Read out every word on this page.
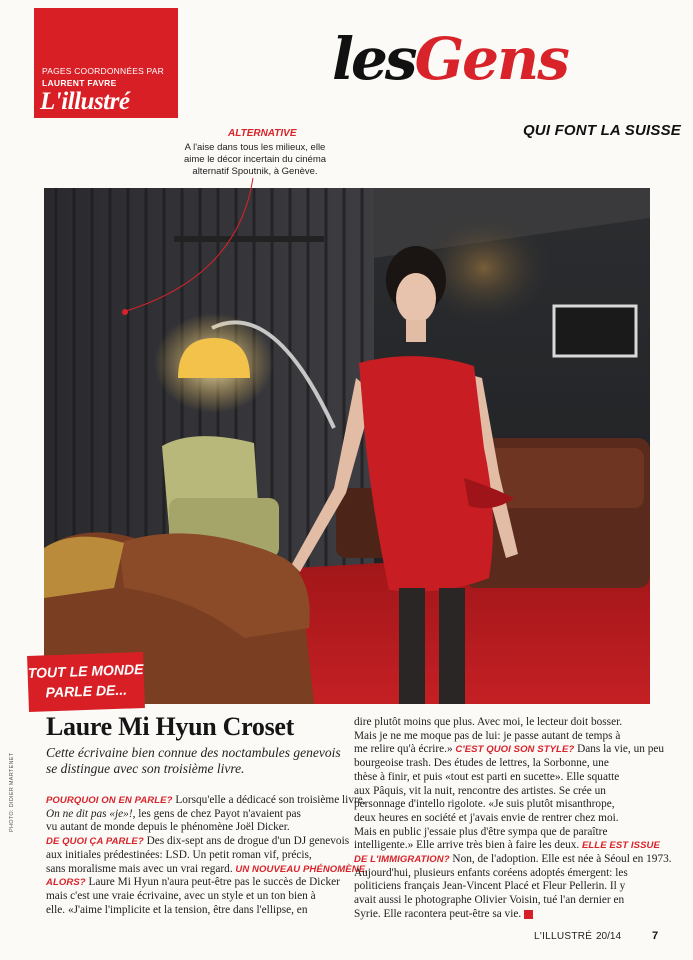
PAGES COORDONNÉES PAR
LAURENT FAVRE
L'illustré
lesGens
QUI FONT LA SUISSE
ALTERNATIVE
A l'aise dans tous les milieux, elle
aime le décor incertain du cinéma
alternatif Spoutnik, à Genève.
TOUT LE MONDE
PARLE DE...
Laure Mi Hyun Croset
Cette écrivaine bien connue des noctambules genevois se distingue avec son troisième livre.
POURQUOI ON EN PARLE? Lorsqu'elle a dédicacé son troisième livre,
On ne dit pas «je»!, les gens de chez Payot n'avaient pas
vu autant de monde depuis le phénomène Joël Dicker.
DE QUOI ÇA PARLE? Des dix-sept ans de drogue d'un DJ genevois
aux initiales prédestinées: LSD. Un petit roman vif, précis,
sans moralisme mais avec un vrai regard. UN NOUVEAU PHÉNOMÈNE,
ALORS? Laure Mi Hyun n'aura peut-être pas le succès de Dicker
mais c'est une vraie écrivaine, avec un style et un ton bien à
elle. «J'aime l'implicite et la tension, être dans l'ellipse, en
dire plutôt moins que plus. Avec moi, le lecteur doit bosser.
Mais je ne me moque pas de lui: je passe autant de temps à
me relire qu'à écrire.» C'EST QUOI SON STYLE? Dans la vie, un peu
bourgeoise trash. Des études de lettres, la Sorbonne, une
thèse à finir, et puis «tout est parti en sucette». Elle squatte
aux Pâquis, vit la nuit, rencontre des artistes. Se crée un
personnage d'intello rigolote. «Je suis plutôt misanthrope,
deux heures en société et j'avais envie de rentrer chez moi.
Mais en public j'essaie plus d'être sympa que de paraître
intelligente.» Elle arrive très bien à faire les deux. ELLE EST ISSUE
DE L'IMMIGRATION? Non, de l'adoption. Elle est née à Séoul en 1973.
Aujourd'hui, plusieurs enfants coréens adoptés émergent: les
politiciens français Jean-Vincent Placé et Fleur Pellerin. Il y
avait aussi le photographe Olivier Voisin, tué l'an dernier en
Syrie. Elle racontera peut-être sa vie.
PHOTO: DIDIER MARTENET
L'ILLUSTRÉ 20/14	7
